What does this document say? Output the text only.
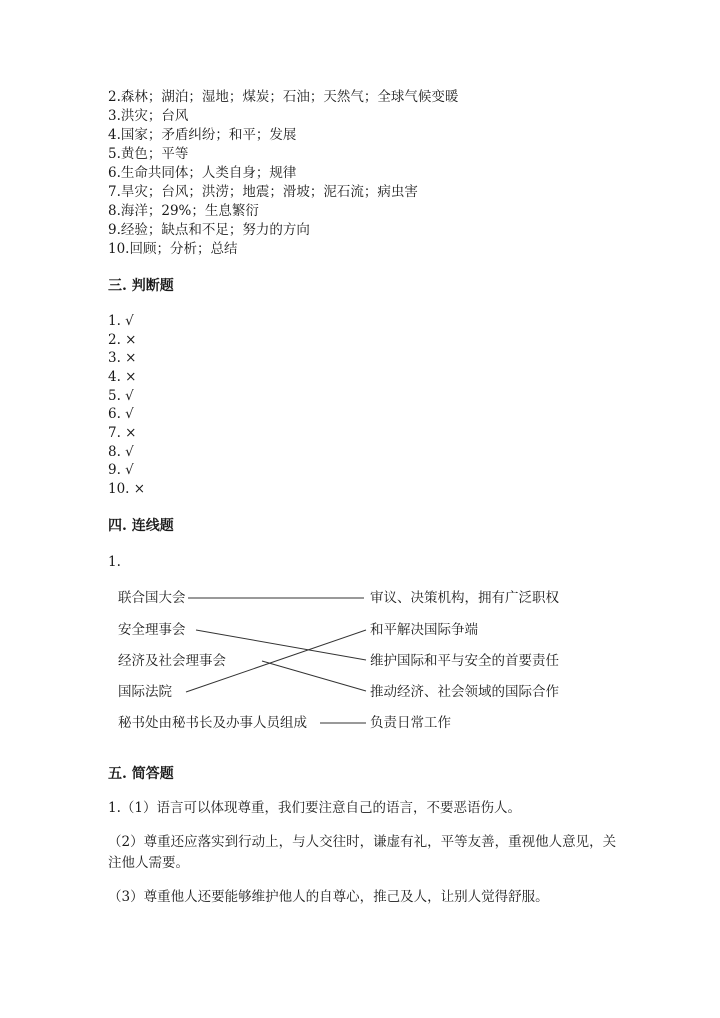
2.森林；湖泊；湿地；煤炭；石油；天然气；全球气候变暖
3.洪灾；台风
4.国家；矛盾纠纷；和平；发展
5.黄色；平等
6.生命共同体；人类自身；规律
7.旱灾；台风；洪涝；地震；滑坡；泥石流；病虫害
8.海洋；29%；生息繁衍
9.经验；缺点和不足；努力的方向
10.回顾；分析；总结
三. 判断题
1. √
2. ×
3. ×
4. ×
5. √
6. √
7. ×
8. √
9. √
10. ×
四. 连线题
1.
联合国大会
安全理事会
经济及社会理事会
国际法院
秘书处由秘书长及办事人员组成
审议、决策机构，拥有广泛职权
和平解决国际争端
维护国际和平与安全的首要责任
推动经济、社会领域的国际合作
负责日常工作
五. 简答题
1.（1）语言可以体现尊重，我们要注意自己的语言，不要恶语伤人。
（2）尊重还应落实到行动上，与人交往时，谦虚有礼，平等友善，重视他人意见，关注他人需要。
（3）尊重他人还要能够维护他人的自尊心，推己及人，让别人觉得舒服。
